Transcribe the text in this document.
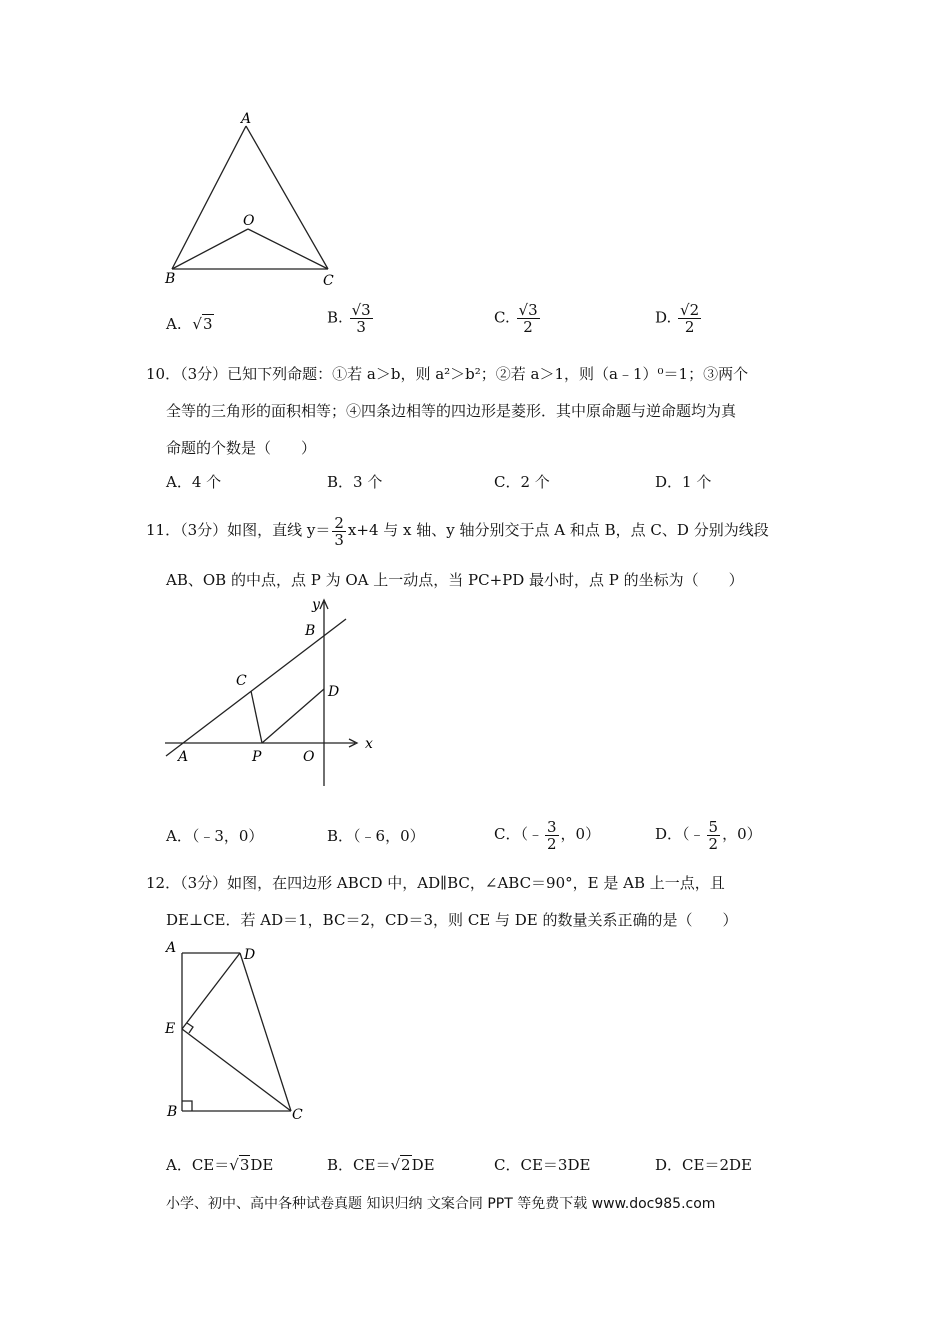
A
O
B	C
A. √3	B. $\frac{√3}{3}$	C. $\frac{√3}{2}$	D. $\frac{√2}{2}$
10．（3分）已知下列命题：①若 a＞b，则 a²＞b²；②若 a＞1，则（a﹣1）⁰＝1；③两个
全等的三角形的面积相等；④四条边相等的四边形是菱形．其中原命题与逆命题均为真
命题的个数是（　　）
A．4 个	B．3 个	C．2 个	D．1 个
11．（3分）如图，直线 $y= \frac{2}{3} x+4$ 与 x 轴、y 轴分别交于点 A 和点 B，点 C、D 分别为线段
AB、OB 的中点，点 P 为 OA 上一动点，当 PC+PD 最小时，点 P 的坐标为（　　）
y
x
B
C
D
A	P	O
A．（﹣3，0）	B．（﹣6，0）	C．（﹣ $\frac{3}{2}$ ，0）	D．（﹣ $\frac{5}{2}$ ，0）
12．（3分）如图，在四边形 ABCD 中，AD∥BC，∠ABC＝90°，E 是 AB 上一点，且
DE⊥CE．若 AD＝1，BC＝2，CD＝3，则 CE 与 DE 的数量关系正确的是（　　）
A	D
E
B	C
A．CE＝√3DE	B．CE＝√2DE	C．CE＝3DE	D．CE＝2DE
小学、初中、高中各种试卷真题 知识归纳 文案合同 PPT 等免费下载 www.doc985.com
